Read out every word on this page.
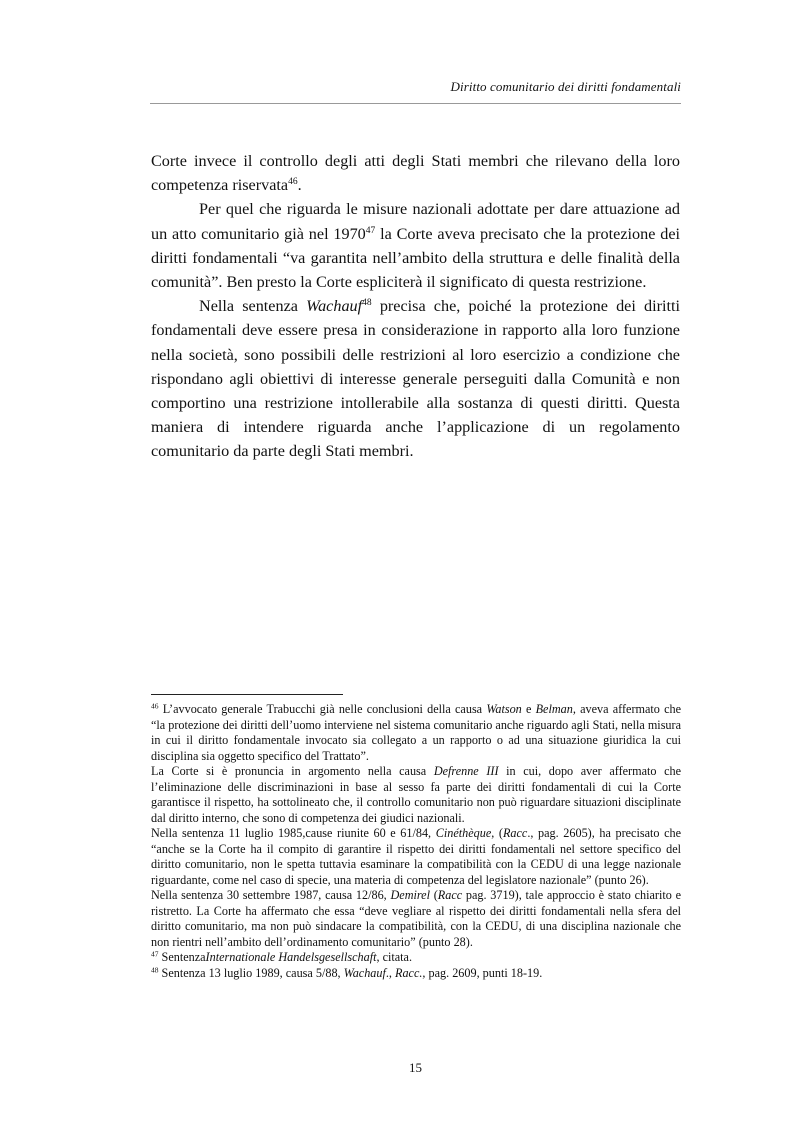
Diritto comunitario dei diritti fondamentali

Corte invece il controllo degli atti degli Stati membri che rilevano della loro competenza riservata$^{46}$.

Per quel che riguarda le misure nazionali adottate per dare attuazione ad un atto comunitario già nel 1970$^{47}$ la Corte aveva precisato che la protezione dei diritti fondamentali “va garantita nell’ambito della struttura e delle finalità della comunità”. Ben presto la Corte espliciterà il significato di questa restrizione.

Nella sentenza Wachauf$^{48}$ precisa che, poiché la protezione dei diritti fondamentali deve essere presa in considerazione in rapporto alla loro funzione nella società, sono possibili delle restrizioni al loro esercizio a condizione che rispondano agli obiettivi di interesse generale perseguiti dalla Comunità e non comportino una restrizione intollerabile alla sostanza di questi diritti. Questa maniera di intendere riguarda anche l’applicazione di un regolamento comunitario da parte degli Stati membri.

$^{46}$ L’avvocato generale Trabucchi già nelle conclusioni della causa Watson e Belman, aveva affermato che “la protezione dei diritti dell’uomo interviene nel sistema comunitario anche riguardo agli Stati, nella misura in cui il diritto fondamentale invocato sia collegato a un rapporto o ad una situazione giuridica la cui disciplina sia oggetto specifico del Trattato”.

La Corte si è pronuncia in argomento nella causa Defrenne III in cui, dopo aver affermato che l’eliminazione delle discriminazioni in base al sesso fa parte dei diritti fondamentali di cui la Corte garantisce il rispetto, ha sottolineato che, il controllo comunitario non può riguardare situazioni disciplinate dal diritto interno, che sono di competenza dei giudici nazionali.

Nella sentenza 11 luglio 1985,cause riunite 60 e 61/84, Cinéthèque, (Racc., pag. 2605), ha precisato che “anche se la Corte ha il compito di garantire il rispetto dei diritti fondamentali nel settore specifico del diritto comunitario, non le spetta tuttavia esaminare la compatibilità con la CEDU di una legge nazionale riguardante, come nel caso di specie, una materia di competenza del legislatore nazionale” (punto 26).

Nella sentenza 30 settembre 1987, causa 12/86, Demirel (Racc pag. 3719), tale approccio è stato chiarito e ristretto. La Corte ha affermato che essa “deve vegliare al rispetto dei diritti fondamentali nella sfera del diritto comunitario, ma non può sindacare la compatibilità, con la CEDU, di una disciplina nazionale che non rientri nell’ambito dell’ordinamento comunitario” (punto 28).

$^{47}$ SentenzaInternationale Handelsgesellschaft, citata.

$^{48}$ Sentenza 13 luglio 1989, causa 5/88, Wachauf., Racc., pag. 2609, punti 18-19.

15
